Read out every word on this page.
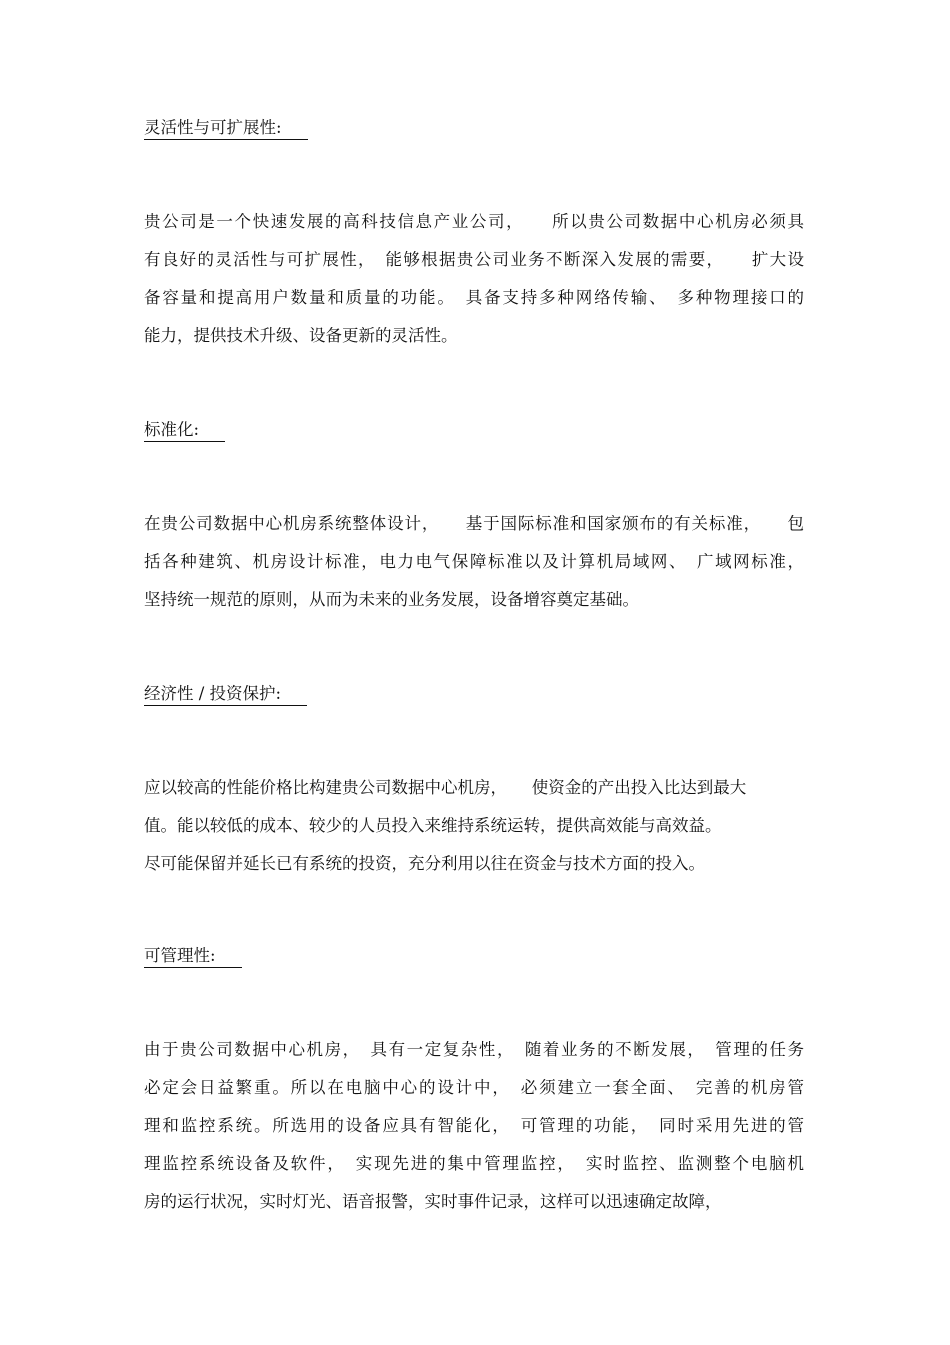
灵活性与可扩展性:

贵公司是一个快速发展的高科技信息产业公司，　　所以贵公司数据中心机房必须具

有良好的灵活性与可扩展性，　能够根据贵公司业务不断深入发展的需要，　　扩大设

备容量和提高用户数量和质量的功能。　具备支持多种网络传输、　多种物理接口的

能力，提供技术升级、设备更新的灵活性。

标准化:

在贵公司数据中心机房系统整体设计，　　基于国际标准和国家颁布的有关标准，　　包

括各种建筑、机房设计标准，电力电气保障标准以及计算机局域网、　广域网标准，

坚持统一规范的原则，从而为未来的业务发展，设备增容奠定基础。

经济性 / 投资保护:

应以较高的性能价格比构建贵公司数据中心机房，　　使资金的产出投入比达到最大

值。能以较低的成本、较少的人员投入来维持系统运转，提供高效能与高效益。

尽可能保留并延长已有系统的投资，充分利用以往在资金与技术方面的投入。

可管理性:

由于贵公司数据中心机房，　具有一定复杂性，　随着业务的不断发展，　管理的任务

必定会日益繁重。所以在电脑中心的设计中，　必须建立一套全面、　完善的机房管

理和监控系统。所选用的设备应具有智能化，　可管理的功能，　同时采用先进的管

理监控系统设备及软件，　实现先进的集中管理监控，　实时监控、监测整个电脑机

房的运行状况，实时灯光、语音报警，实时事件记录，这样可以迅速确定故障，
